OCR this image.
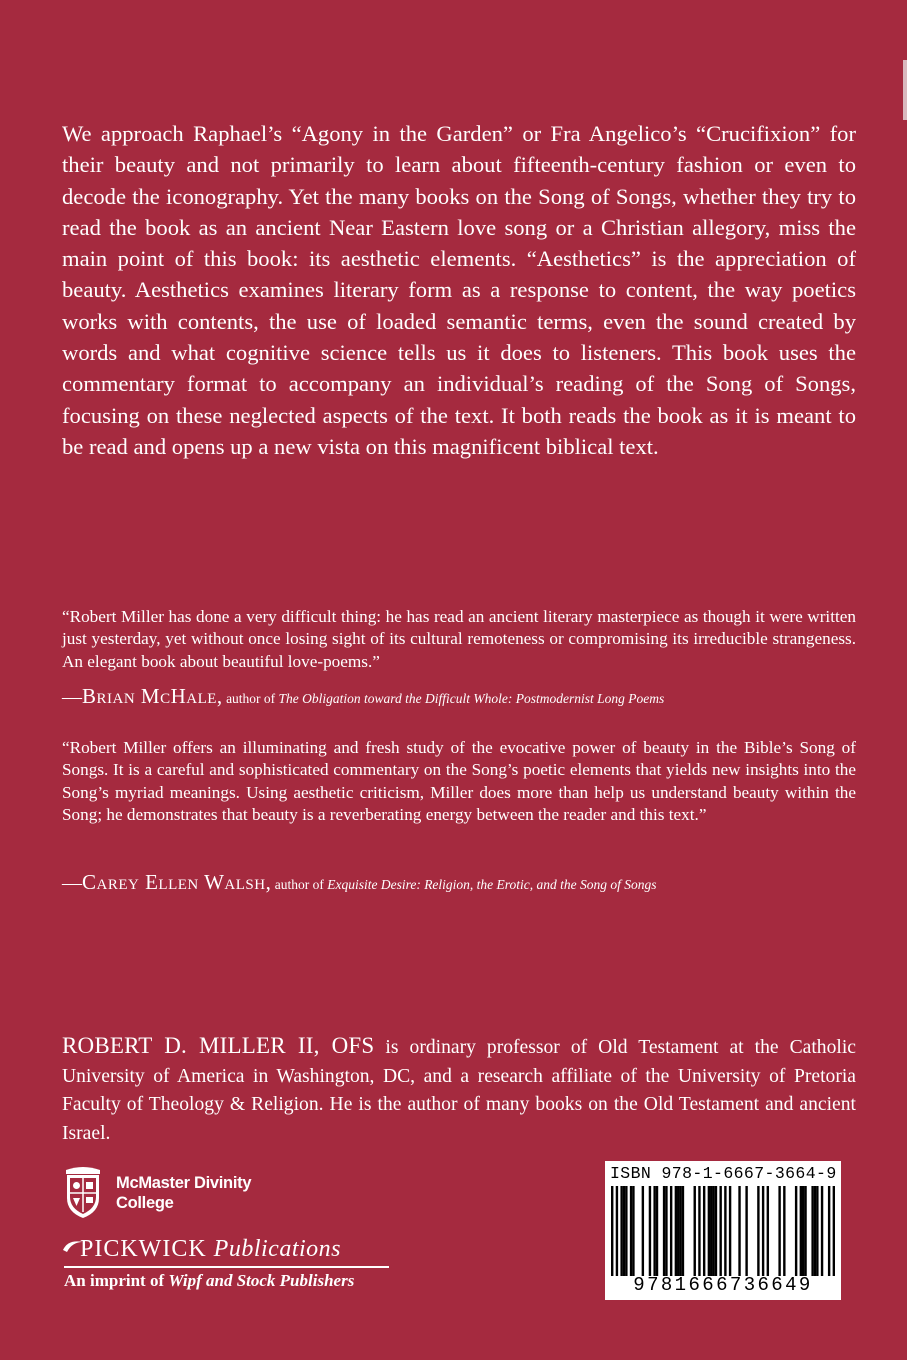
We approach Raphael’s “Agony in the Garden” or Fra Angelico’s “Crucifixion” for their beauty and not primarily to learn about fifteenth-century fashion or even to decode the iconography. Yet the many books on the Song of Songs, whether they try to read the book as an ancient Near Eastern love song or a Christian allegory, miss the main point of this book: its aesthetic elements. “Aesthetics” is the appreciation of beauty. Aesthetics examines literary form as a response to content, the way poetics works with contents, the use of loaded semantic terms, even the sound created by words and what cognitive science tells us it does to listeners. This book uses the commentary format to accompany an individual’s reading of the Song of Songs, focusing on these neglected aspects of the text. It both reads the book as it is meant to be read and opens up a new vista on this magnificent biblical text.

“Robert Miller has done a very difficult thing: he has read an ancient literary masterpiece as though it were written just yesterday, yet without once losing sight of its cultural remoteness or compromising its irreducible strangeness. An elegant book about beautiful love-poems.”

—Brian McHale, author of The Obligation toward the Difficult Whole: Postmodernist Long Poems

“Robert Miller offers an illuminating and fresh study of the evocative power of beauty in the Bible’s Song of Songs. It is a careful and sophisticated commentary on the Song’s poetic elements that yields new insights into the Song’s myriad meanings. Using aesthetic criticism, Miller does more than help us understand beauty within the Song; he demonstrates that beauty is a reverberating energy between the reader and this text.”

—Carey Ellen Walsh, author of Exquisite Desire: Religion, the Erotic, and the Song of Songs

ROBERT D. MILLER II, OFS is ordinary professor of Old Testament at the Catholic University of America in Washington, DC, and a research affiliate of the University of Pretoria Faculty of Theology & Religion. He is the author of many books on the Old Testament and ancient Israel.

McMaster Divinity
College
PICKWICK Publications
An imprint of Wipf and Stock Publishers
ISBN 978-1-6667-3664-9
9781666736649
